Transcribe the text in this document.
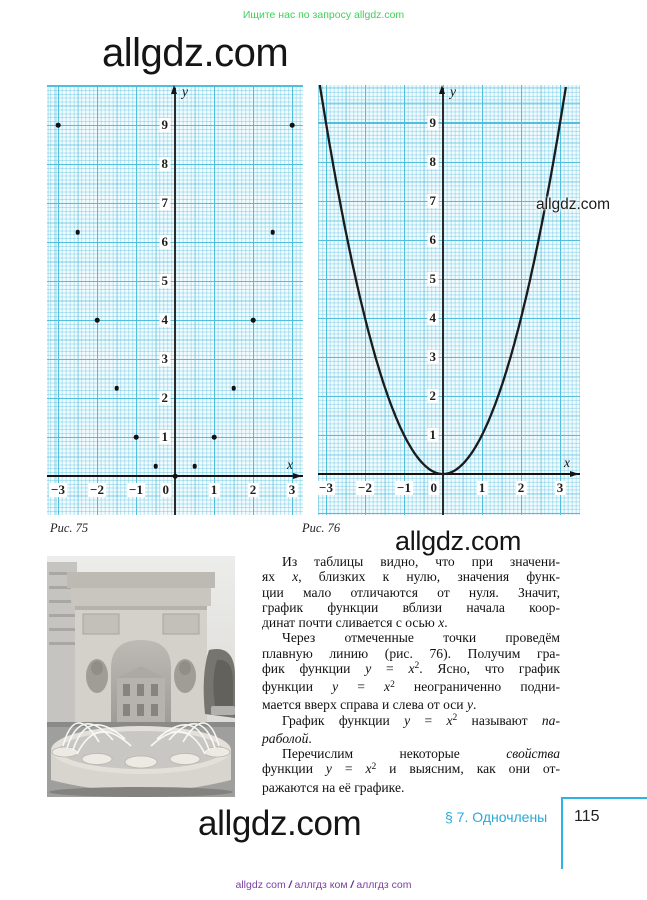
Ищите нас по запросу allgdz.com
allgdz.com
y
x
−3 −2 −1 0	1	2	3
1
2
3
4
5
6
7
8
9
y
x
−3 −2 −1 0	1	2	3
1
2
3
4
5
6
7
8
9
allgdz.com
Рис. 75	Рис. 76 allgdz.com
Из таблицы видно, что при значени-
ях x, близких к нулю, значения функ-
ции мало отличаются от нуля. Значит,
график функции вблизи начала коор-
динат почти сливается с осью x.
Через отмеченные точки проведём
плавную линию (рис. 76). Получим гра-
фик функции $y = x^2$. Ясно, что график
функции $y = x^2$ неограниченно подни-
мается вверх справа и слева от оси y.
График функции $y = x^2$ называют па-
раболой.
Перечислим некоторые свойства
функции $y = x^2$ и выясним, как они от-
ражаются на её графике.
allgdz.com	§ 7. Одночлены 115
allgdz com / аллгдз ком / аллгдз com
